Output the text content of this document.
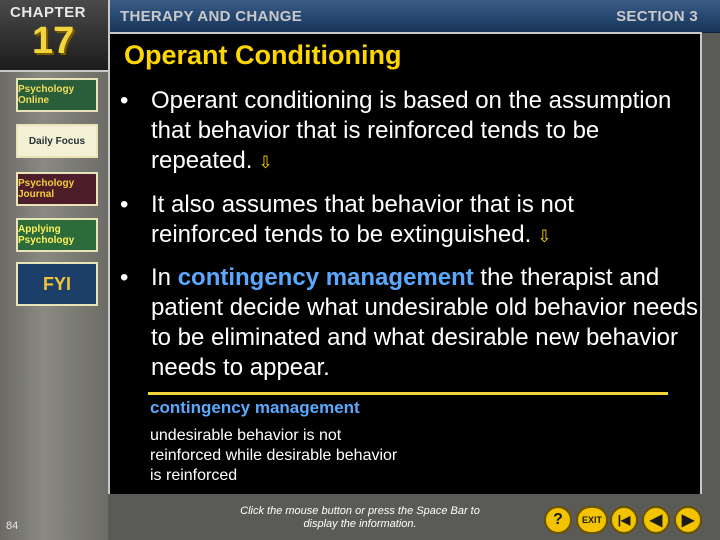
THERAPY AND CHANGE	SECTION 3
CHAPTER
17
Psychology Online
Daily Focus
Psychology Journal
Applying Psychology
FYI
84
Operant Conditioning
• Operant conditioning is based on the assumption that behavior that is reinforced tends to be repeated. ⇩
• It also assumes that behavior that is not reinforced tends to be extinguished. ⇩
• In contingency management the therapist and patient decide what undesirable old behavior needs to be eliminated and what desirable new behavior needs to appear.
contingency management
undesirable behavior is not reinforced while desirable behavior is reinforced
Click the mouse button or press the Space Bar to display the information.	? EXIT |◀ ◀ ▶
